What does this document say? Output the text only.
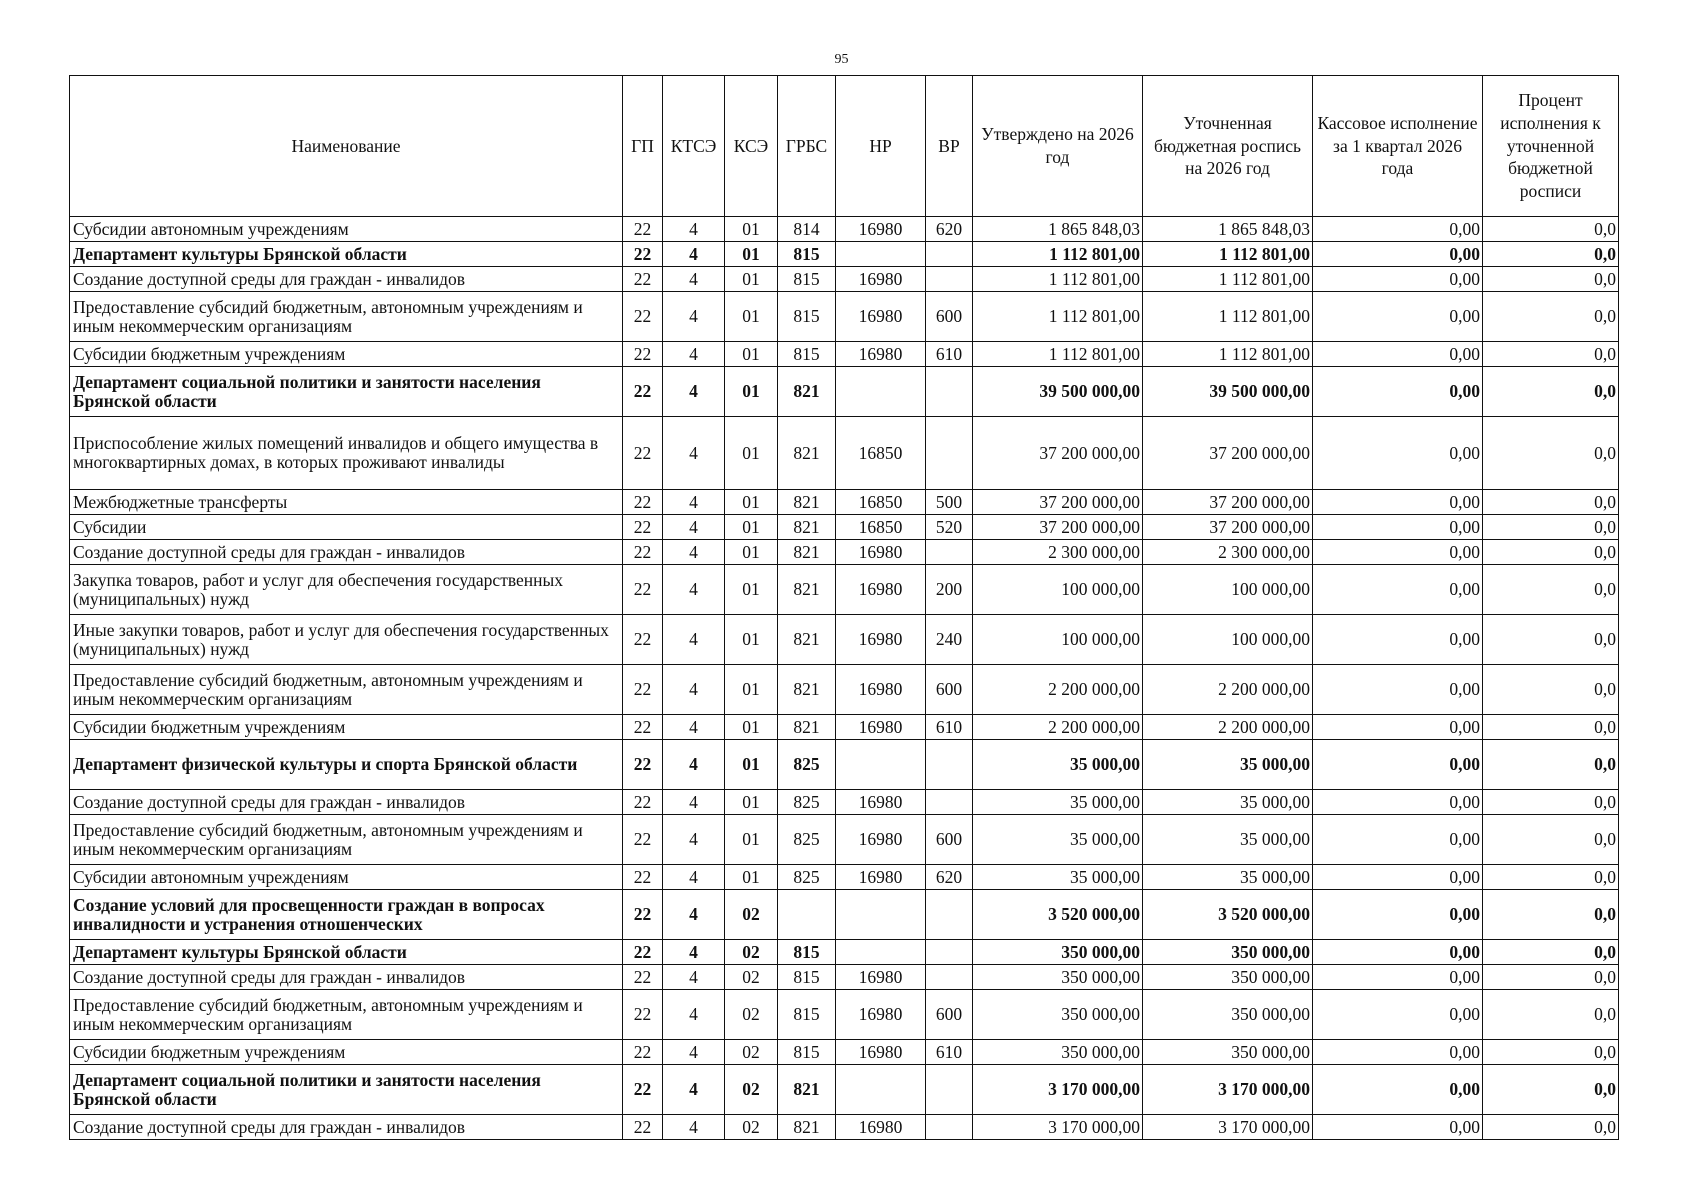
95
Наименование	ГП	КТСЭ	КСЭ	ГРБС	НР	ВР	Утверждено на 2026 год	Уточненная бюджетная роспись на 2026 год	Кассовое исполнение за 1 квартал 2026 года	Процент исполнения к уточненной бюджетной росписи
Субсидии автономным учреждениям	22	4	01	814	16980	620	1 865 848,03	1 865 848,03	0,00	0,0
Департамент культуры Брянской области	22	4	01	815			1 112 801,00	1 112 801,00	0,00	0,0
Создание доступной среды для граждан - инвалидов	22	4	01	815	16980		1 112 801,00	1 112 801,00	0,00	0,0
Предоставление субсидий бюджетным, автономным учреждениям и иным некоммерческим организациям	22	4	01	815	16980	600	1 112 801,00	1 112 801,00	0,00	0,0
Субсидии бюджетным учреждениям	22	4	01	815	16980	610	1 112 801,00	1 112 801,00	0,00	0,0
Департамент социальной политики и занятости населения Брянской области	22	4	01	821			39 500 000,00	39 500 000,00	0,00	0,0
Приспособление жилых помещений инвалидов и общего имущества в многоквартирных домах, в которых проживают инвалиды	22	4	01	821	16850		37 200 000,00	37 200 000,00	0,00	0,0
Межбюджетные трансферты	22	4	01	821	16850	500	37 200 000,00	37 200 000,00	0,00	0,0
Субсидии	22	4	01	821	16850	520	37 200 000,00	37 200 000,00	0,00	0,0
Создание доступной среды для граждан - инвалидов	22	4	01	821	16980		2 300 000,00	2 300 000,00	0,00	0,0
Закупка товаров, работ и услуг для обеспечения государственных (муниципальных) нужд	22	4	01	821	16980	200	100 000,00	100 000,00	0,00	0,0
Иные закупки товаров, работ и услуг для обеспечения государственных (муниципальных) нужд	22	4	01	821	16980	240	100 000,00	100 000,00	0,00	0,0
Предоставление субсидий бюджетным, автономным учреждениям и иным некоммерческим организациям	22	4	01	821	16980	600	2 200 000,00	2 200 000,00	0,00	0,0
Субсидии бюджетным учреждениям	22	4	01	821	16980	610	2 200 000,00	2 200 000,00	0,00	0,0
Департамент физической культуры и спорта Брянской области	22	4	01	825			35 000,00	35 000,00	0,00	0,0
Создание доступной среды для граждан - инвалидов	22	4	01	825	16980		35 000,00	35 000,00	0,00	0,0
Предоставление субсидий бюджетным, автономным учреждениям и иным некоммерческим организациям	22	4	01	825	16980	600	35 000,00	35 000,00	0,00	0,0
Субсидии автономным учреждениям	22	4	01	825	16980	620	35 000,00	35 000,00	0,00	0,0
Создание условий для просвещенности граждан в вопросах инвалидности и устранения отношенческих	22	4	02				3 520 000,00	3 520 000,00	0,00	0,0
Департамент культуры Брянской области	22	4	02	815			350 000,00	350 000,00	0,00	0,0
Создание доступной среды для граждан - инвалидов	22	4	02	815	16980		350 000,00	350 000,00	0,00	0,0
Предоставление субсидий бюджетным, автономным учреждениям и иным некоммерческим организациям	22	4	02	815	16980	600	350 000,00	350 000,00	0,00	0,0
Субсидии бюджетным учреждениям	22	4	02	815	16980	610	350 000,00	350 000,00	0,00	0,0
Департамент социальной политики и занятости населения Брянской области	22	4	02	821			3 170 000,00	3 170 000,00	0,00	0,0
Создание доступной среды для граждан - инвалидов	22	4	02	821	16980		3 170 000,00	3 170 000,00	0,00	0,0
